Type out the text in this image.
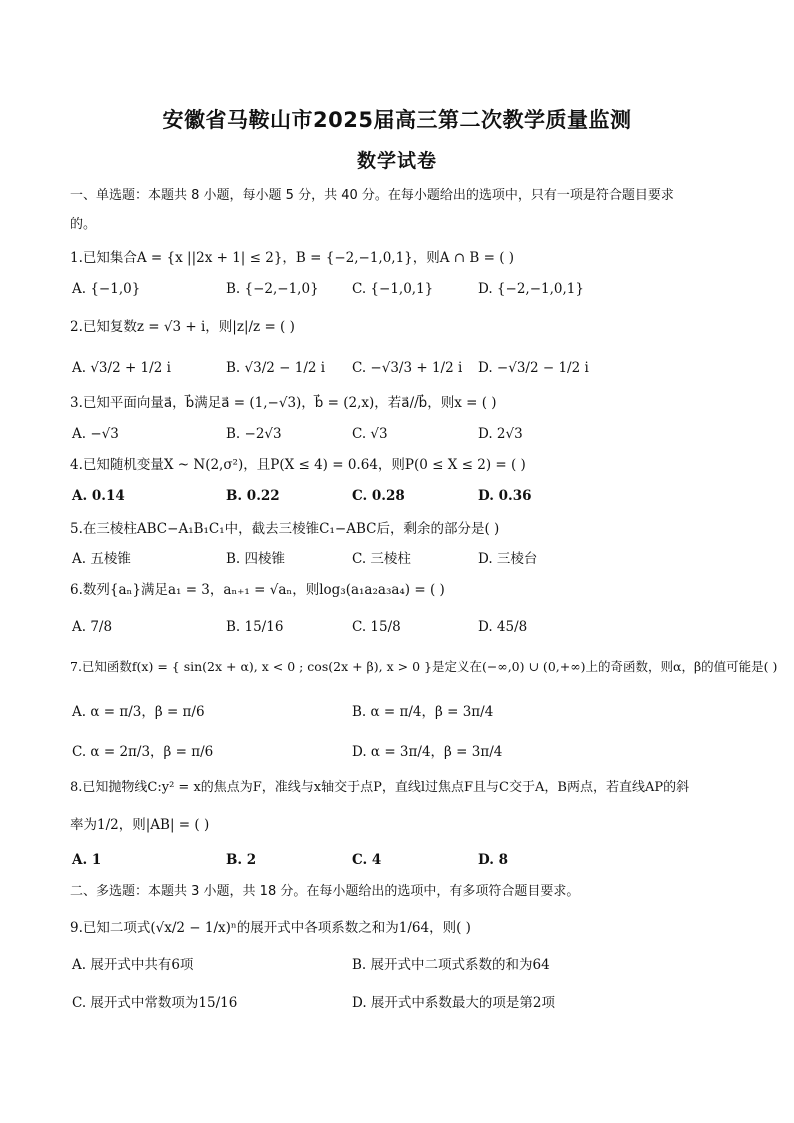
安徽省马鞍山市2025届高三第二次教学质量监测
数学试卷
一、单选题：本题共 8 小题，每小题 5 分，共 40 分。在每小题给出的选项中，只有一项是符合题目要求
的。
1.已知集合A = {x ||2x + 1| ≤ 2}，B = {−2,−1,0,1}，则A ∩ B = ( )
A. {−1,0}	B. {−2,−1,0} C. {−1,0,1}	D. {−2,−1,0,1}
2.已知复数z = √3 + i，则|z|/z = ( )
A. √3/2 + 1/2 i	B. √3/2 − 1/2 i C. −√3/3 + 1/2 i D. −√3/2 − 1/2 i
3.已知平面向量a⃗，b⃗满足a⃗ = (1,−√3)，b⃗ = (2,x)，若a⃗//b⃗，则x = ( )
A. −√3	B. −2√3	C. √3	D. 2√3
4.已知随机变量X ~ N(2,σ²)，且P(X ≤ 4) = 0.64，则P(0 ≤ X ≤ 2) = ( )
A. 0.14	B. 0.22	C. 0.28	D. 0.36
5.在三棱柱ABC−A₁B₁C₁中，截去三棱锥C₁−ABC后，剩余的部分是( )
A. 五棱锥	B. 四棱锥	C. 三棱柱	D. 三棱台
6.数列{aₙ}满足a₁ = 3，aₙ₊₁ = √aₙ，则log₃(a₁a₂a₃a₄) = ( )
A. 7/8	B. 15/16	C. 15/8	D. 45/8
7.已知函数f(x) = { sin(2x + α), x < 0 ; cos(2x + β), x > 0 }是定义在(−∞,0) ∪ (0,+∞)上的奇函数，则α，β的值可能是( )
A. α = π/3，β = π/6	B. α = π/4，β = 3π/4
C. α = 2π/3，β = π/6	D. α = 3π/4，β = 3π/4
8.已知抛物线C:y² = x的焦点为F，准线与x轴交于点P，直线l过焦点F且与C交于A，B两点，若直线AP的斜
率为1/2，则|AB| = ( )
A. 1	B. 2	C. 4	D. 8
二、多选题：本题共 3 小题，共 18 分。在每小题给出的选项中，有多项符合题目要求。
9.已知二项式(√x/2 − 1/x)ⁿ的展开式中各项系数之和为1/64，则( )
A. 展开式中共有6项	B. 展开式中二项式系数的和为64
C. 展开式中常数项为15/16	D. 展开式中系数最大的项是第2项
